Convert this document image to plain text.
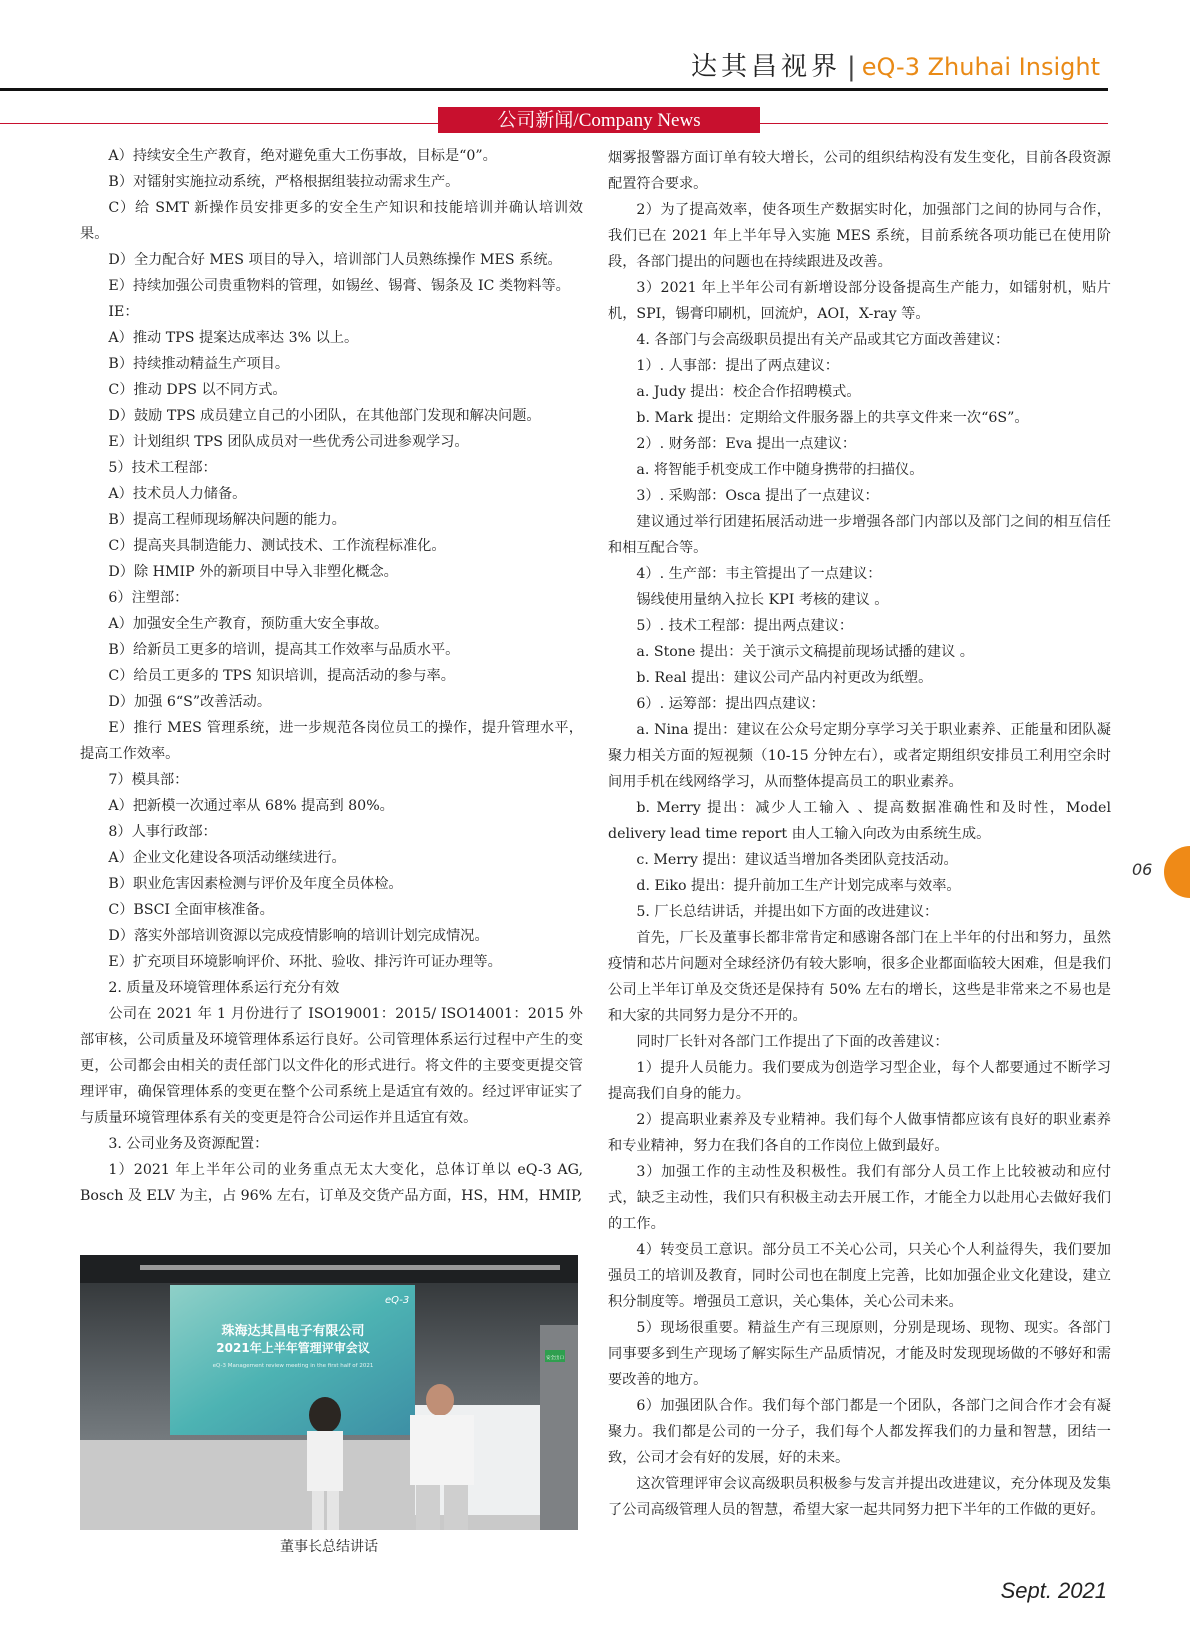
达其昌视界 | eQ-3 Zhuhai Insight
公司新闻/Company News

A）持续安全生产教育，绝对避免重大工伤事故，目标是“0”。

B）对镭射实施拉动系统，严格根据组装拉动需求生产。

C）给 SMT 新操作员安排更多的安全生产知识和技能培训并确认培训效果。

D）全力配合好 MES 项目的导入，培训部门人员熟练操作 MES 系统。

E）持续加强公司贵重物料的管理，如锡丝、锡膏、锡条及 IC 类物料等。

IE：

A）推动 TPS 提案达成率达 3% 以上。

B）持续推动精益生产项目。

C）推动 DPS 以不同方式。

D）鼓励 TPS 成员建立自己的小团队，在其他部门发现和解决问题。

E）计划组织 TPS 团队成员对一些优秀公司进参观学习。

5）技术工程部：

A）技术员人力储备。

B）提高工程师现场解决问题的能力。

C）提高夹具制造能力、测试技术、工作流程标准化。

D）除 HMIP 外的新项目中导入非塑化概念。

6）注塑部：

A）加强安全生产教育，预防重大安全事故。

B）给新员工更多的培训，提高其工作效率与品质水平。

C）给员工更多的 TPS 知识培训，提高活动的参与率。

D）加强 6“S”改善活动。

E）推行 MES 管理系统，进一步规范各岗位员工的操作，提升管理水平，提高工作效率。

7）模具部：

A）把新模一次通过率从 68% 提高到 80%。

8）人事行政部：

A）企业文化建设各项活动继续进行。

B）职业危害因素检测与评价及年度全员体检。

C）BSCI 全面审核准备。

D）落实外部培训资源以完成疫情影响的培训计划完成情况。

E）扩充项目环境影响评价、环批、验收、排污许可证办理等。

2. 质量及环境管理体系运行充分有效

公司在 2021 年 1 月份进行了 ISO19001：2015/ ISO14001：2015 外部审核，公司质量及环境管理体系运行良好。公司管理体系运行过程中产生的变更，公司都会由相关的责任部门以文件化的形式进行。将文件的主要变更提交管理评审，确保管理体系的变更在整个公司系统上是适宜有效的。经过评审证实了与质量环境管理体系有关的变更是符合公司运作并且适宜有效。

3. 公司业务及资源配置：

1）2021 年上半年公司的业务重点无太大变化，总体订单以 eQ-3 AG, Bosch 及 ELV 为主，占 96% 左右，订单及交货产品方面，HS，HM，HMIP,

珠海达其昌电子有限公司
2021年上半年管理评审会议
eQ-3 Management review meeting in the first half of 2021
eQ-3
安全出口
董事长总结讲话

烟雾报警器方面订单有较大增长，公司的组织结构没有发生变化，目前各段资源配置符合要求。

2）为了提高效率，使各项生产数据实时化，加强部门之间的协同与合作，我们已在 2021 年上半年导入实施 MES 系统，目前系统各项功能已在使用阶段，各部门提出的问题也在持续跟进及改善。

3）2021 年上半年公司有新增设部分设备提高生产能力，如镭射机，贴片机，SPI，锡膏印刷机，回流炉，AOI，X-ray 等。

4. 各部门与会高级职员提出有关产品或其它方面改善建议：

1）. 人事部：提出了两点建议：

a. Judy 提出：校企合作招聘模式。

b. Mark 提出：定期给文件服务器上的共享文件来一次“6S”。

2）. 财务部：Eva 提出一点建议：

a. 将智能手机变成工作中随身携带的扫描仪。

3）. 采购部：Osca 提出了一点建议：

建议通过举行团建拓展活动进一步增强各部门内部以及部门之间的相互信任和相互配合等。

4）. 生产部：韦主管提出了一点建议：

锡线使用量纳入拉长 KPI 考核的建议 。

5）. 技术工程部：提出两点建议：

a. Stone 提出：关于演示文稿提前现场试播的建议 。

b. Real 提出：建议公司产品内衬更改为纸塑。

6）. 运筹部：提出四点建议：

a. Nina 提出：建议在公众号定期分享学习关于职业素养、正能量和团队凝聚力相关方面的短视频（10-15 分钟左右），或者定期组织安排员工利用空余时间用手机在线网络学习，从而整体提高员工的职业素养。

b. Merry 提出：减少人工输入 、提高数据准确性和及时性，Model delivery lead time report 由人工输入向改为由系统生成。

c. Merry 提出：建议适当增加各类团队竞技活动。

d. Eiko 提出：提升前加工生产计划完成率与效率。

5. 厂长总结讲话，并提出如下方面的改进建议：

首先，厂长及董事长都非常肯定和感谢各部门在上半年的付出和努力，虽然疫情和芯片问题对全球经济仍有较大影响，很多企业都面临较大困难，但是我们公司上半年订单及交货还是保持有 50% 左右的增长，这些是非常来之不易也是和大家的共同努力是分不开的。

同时厂长针对各部门工作提出了下面的改善建议：

1）提升人员能力。我们要成为创造学习型企业，每个人都要通过不断学习提高我们自身的能力。

2）提高职业素养及专业精神。我们每个人做事情都应该有良好的职业素养和专业精神，努力在我们各自的工作岗位上做到最好。

3）加强工作的主动性及积极性。我们有部分人员工作上比较被动和应付式，缺乏主动性，我们只有积极主动去开展工作，才能全力以赴用心去做好我们的工作。

4）转变员工意识。部分员工不关心公司，只关心个人利益得失，我们要加强员工的培训及教育，同时公司也在制度上完善，比如加强企业文化建设，建立积分制度等。增强员工意识，关心集体，关心公司未来。

5）现场很重要。精益生产有三现原则，分别是现场、现物、现实。各部门同事要多到生产现场了解实际生产品质情况，才能及时发现现场做的不够好和需要改善的地方。

6）加强团队合作。我们每个部门都是一个团队，各部门之间合作才会有凝聚力。我们都是公司的一分子，我们每个人都发挥我们的力量和智慧，团结一致，公司才会有好的发展，好的未来。

这次管理评审会议高级职员积极参与发言并提出改进建议，充分体现及发集了公司高级管理人员的智慧，希望大家一起共同努力把下半年的工作做的更好。

06
Sept. 2021
